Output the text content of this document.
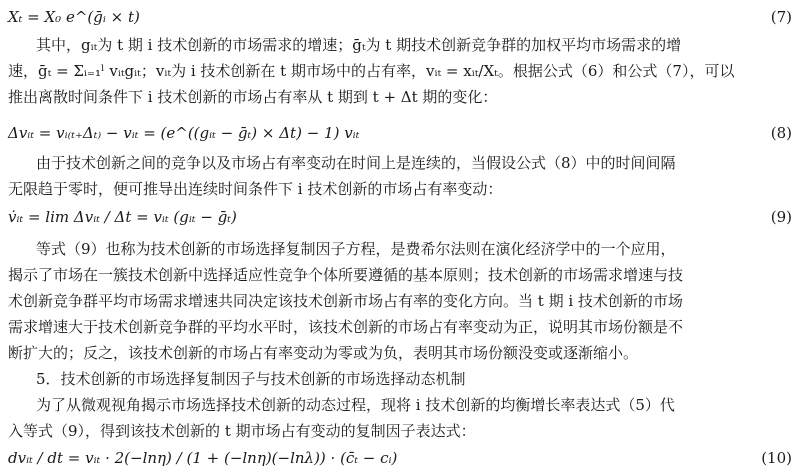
Xₜ = X₀ e^(ḡᵢ × t)	(7)
其中，gᵢₜ为 t 期 i 技术创新的市场需求的增速；ḡₜ为 t 期技术创新竞争群的加权平均市场需求的增
速，ḡₜ = Σᵢ₌₁ˡ vᵢₜgᵢₜ；vᵢₜ为 i 技术创新在 t 期市场中的占有率，vᵢₜ = xᵢₜ/Xₜ。根据公式（6）和公式（7），可以
推出离散时间条件下 i 技术创新的市场占有率从 t 期到 t + Δt 期的变化：
Δvᵢₜ = vᵢ₍ₜ₊Δₜ₎ − vᵢₜ = (e^((gᵢₜ − ḡₜ) × Δt) − 1) vᵢₜ	(8)
由于技术创新之间的竞争以及市场占有率变动在时间上是连续的，当假设公式（8）中的时间间隔
无限趋于零时，便可推导出连续时间条件下 i 技术创新的市场占有率变动：
v̇ᵢₜ = lim Δvᵢₜ / Δt = vᵢₜ (gᵢₜ − ḡₜ)	(9)
等式（9）也称为技术创新的市场选择复制因子方程，是费希尔法则在演化经济学中的一个应用，
揭示了市场在一簇技术创新中选择适应性竞争个体所要遵循的基本原则；技术创新的市场需求增速与技
术创新竞争群平均市场需求增速共同决定该技术创新市场占有率的变化方向。当 t 期 i 技术创新的市场
需求增速大于技术创新竞争群的平均水平时，该技术创新的市场占有率变动为正，说明其市场份额是不
断扩大的；反之，该技术创新的市场占有率变动为零或为负，表明其市场份额没变或逐渐缩小。
5．技术创新的市场选择复制因子与技术创新的市场选择动态机制
为了从微观视角揭示市场选择技术创新的动态过程，现将 i 技术创新的均衡增长率表达式（5）代
入等式（9），得到该技术创新的 t 期市场占有变动的复制因子表达式：
dvᵢₜ / dt = vᵢₜ · 2(−lnη) / (1 + (−lnη)(−lnλ)) · (c̄ₜ − cᵢ)	(10)
